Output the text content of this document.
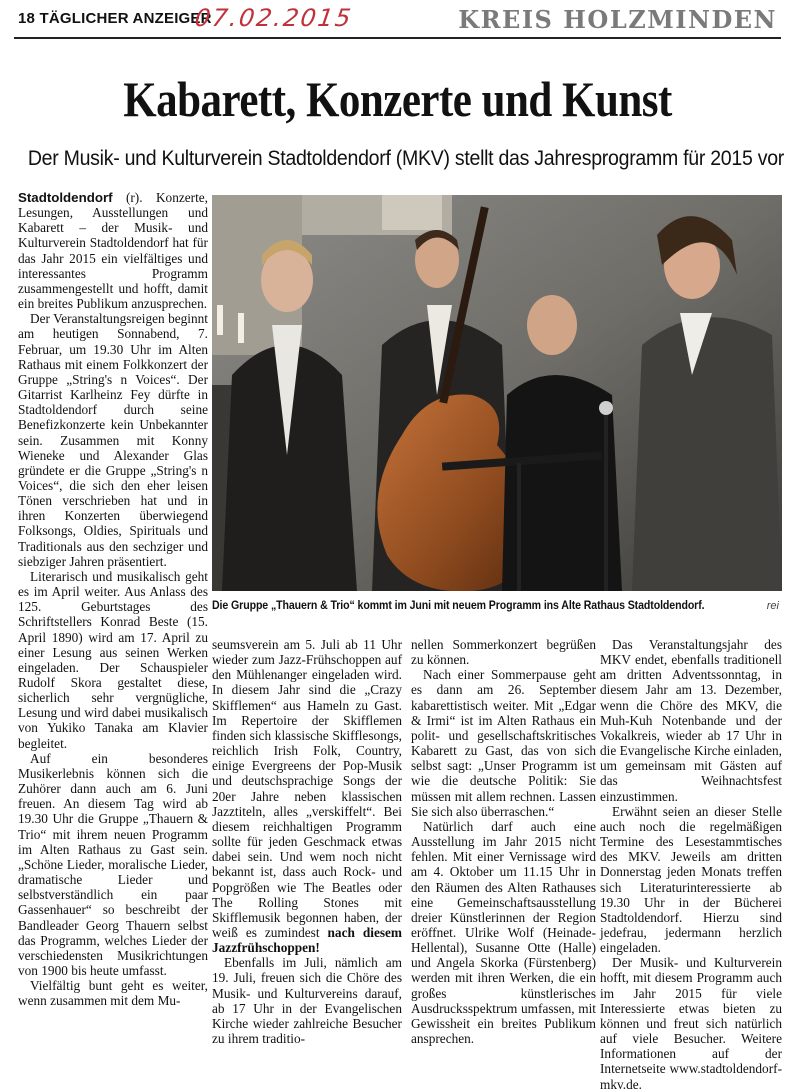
18 TÄGLICHER ANZEIGER
07.02.2015	KREIS HOLZMINDEN
Kabarett, Konzerte und Kunst
Der Musik- und Kulturverein Stadtoldendorf (MKV) stellt das Jahresprogramm für 2015 vor

Stadtoldendorf (r). Konzerte, Lesungen, Ausstellungen und Kabarett – der Musik- und Kulturverein Stadtoldendorf hat für das Jahr 2015 ein vielfältiges und interessantes Programm zusammengestellt und hofft, damit ein breites Publikum anzusprechen.

Der Veranstaltungsreigen beginnt am heutigen Sonnabend, 7. Februar, um 19.30 Uhr im Alten Rathaus mit einem Folkkonzert der Gruppe „String's n Voices“. Der Gitarrist Karlheinz Fey dürfte in Stadtoldendorf durch seine Benefizkonzerte kein Unbekannter sein. Zusammen mit Konny Wieneke und Alexander Glas gründete er die Gruppe „String's n Voices“, die sich den eher leisen Tönen verschrieben hat und in ihren Konzerten überwiegend Folksongs, Oldies, Spirituals und Traditionals aus den sechziger und siebziger Jahren präsentiert.

Literarisch und musikalisch geht es im April weiter. Aus Anlass des 125. Geburtstages des Schriftstellers Konrad Beste (15. April 1890) wird am 17. April zu einer Lesung aus seinen Werken eingeladen. Der Schauspieler Rudolf Skora gestaltet diese, sicherlich sehr vergnügliche, Lesung und wird dabei musikalisch von Yukiko Tanaka am Klavier begleitet.

Auf ein besonderes Musikerlebnis können sich die Zuhörer dann auch am 6. Juni freuen. An diesem Tag wird ab 19.30 Uhr die Gruppe „Thauern & Trio“ mit ihrem neuen Programm im Alten Rathaus zu Gast sein. „Schöne Lieder, moralische Lieder, dramatische Lieder und selbstverständlich ein paar Gassenhauer“ so beschreibt der Bandleader Georg Thauern selbst das Programm, welches Lieder der verschiedensten Musikrichtungen von 1900 bis heute umfasst.

Vielfältig bunt geht es weiter, wenn zusammen mit dem Mu-

Die Gruppe „Thauern & Trio“ kommt im Juni mit neuem Programm ins Alte Rathaus Stadtoldendorf.	rei

seumsverein am 5. Juli ab 11 Uhr wieder zum Jazz-Frühschoppen auf den Mühlenanger eingeladen wird. In diesem Jahr sind die „Crazy Skifflemen“ aus Hameln zu Gast. Im Repertoire der Skifflemen finden sich klassische Skifflesongs, reichlich Irish Folk, Country, einige Evergreens der Pop-Musik und deutschsprachige Songs der 20er Jahre neben klassischen Jazztiteln, alles „verskiffelt“. Bei diesem reichhaltigen Programm sollte für jeden Geschmack etwas dabei sein. Und wem noch nicht bekannt ist, dass auch Rock- und Popgrößen wie The Beatles oder The Rolling Stones mit Skifflemusik begonnen haben, der weiß es zumindest nach diesem Jazzfrühschoppen!

Ebenfalls im Juli, nämlich am 19. Juli, freuen sich die Chöre des Musik- und Kulturvereins darauf, ab 17 Uhr in der Evangelischen Kirche wieder zahlreiche Besucher zu ihrem traditio-

nellen Sommerkonzert begrüßen zu können.

Nach einer Sommerpause geht es dann am 26. September kabarettistisch weiter. Mit „Edgar & Irmi“ ist im Alten Rathaus ein polit- und gesellschaftskritisches Kabarett zu Gast, das von sich selbst sagt: „Unser Programm ist wie die deutsche Politik: Sie müssen mit allem rechnen. Lassen Sie sich also überraschen.“

Natürlich darf auch eine Ausstellung im Jahr 2015 nicht fehlen. Mit einer Vernissage wird am 4. Oktober um 11.15 Uhr in den Räumen des Alten Rathauses eine Gemeinschaftsausstellung dreier Künstlerinnen der Region eröffnet. Ulrike Wolf (Heinade-Hellental), Susanne Otte (Halle) und Angela Skorka (Fürstenberg) werden mit ihren Werken, die ein großes künstlerisches Ausdrucksspektrum umfassen, mit Gewissheit ein breites Publikum ansprechen.

Das Veranstaltungsjahr des MKV endet, ebenfalls traditionell am dritten Adventssonntag, in diesem Jahr am 13. Dezember, wenn die Chöre des MKV, die Muh-Kuh Notenbande und der Vokalkreis, wieder ab 17 Uhr in die Evangelische Kirche einladen, um gemeinsam mit Gästen auf das Weihnachtsfest einzustimmen.

Erwähnt seien an dieser Stelle auch noch die regelmäßigen Termine des Lesestammtisches des MKV. Jeweils am dritten Donnerstag jeden Monats treffen sich Literaturinteressierte ab 19.30 Uhr in der Bücherei Stadtoldendorf. Hierzu sind jedefrau, jedermann herzlich eingeladen.

Der Musik- und Kulturverein hofft, mit diesem Programm auch im Jahr 2015 für viele Interessierte etwas bieten zu können und freut sich natürlich auf viele Besucher. Weitere Informationen auf der Internetseite www.stadtoldendorf-mkv.de.
